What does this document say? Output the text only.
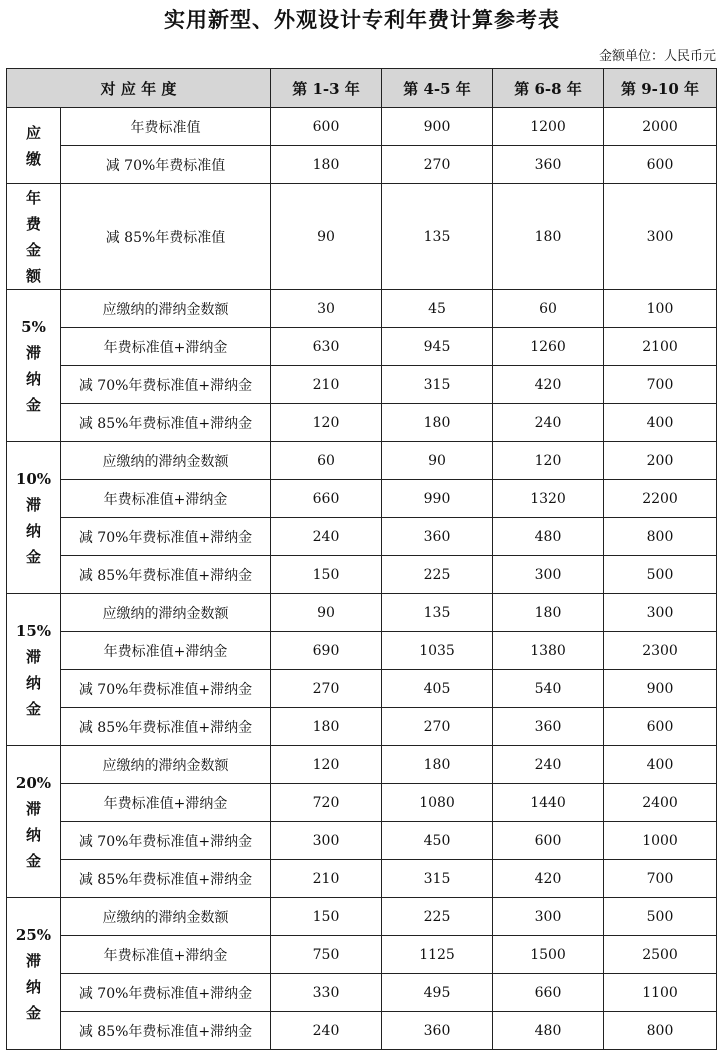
实用新型、外观设计专利年费计算参考表
金额单位：人民币元
对 应 年 度		第 1-3 年	第 4-5 年	第 6-8 年	第 9-10 年

应
缴	年费标准值	600	900	1200	2000
	减 70%年费标准值	180	270	360	600

年
费
金
额	减 85%年费标准值	90	135	180	300

5%
滞
纳
金	应缴纳的滞纳金数额	30	45	60	100
	年费标准值+滞纳金	630	945	1260	2100
	减 70%年费标准值+滞纳金	210	315	420	700
	减 85%年费标准值+滞纳金	120	180	240	400

10%
滞
纳
金	应缴纳的滞纳金数额	60	90	120	200
	年费标准值+滞纳金	660	990	1320	2200
	减 70%年费标准值+滞纳金	240	360	480	800
	减 85%年费标准值+滞纳金	150	225	300	500

15%
滞
纳
金	应缴纳的滞纳金数额	90	135	180	300
	年费标准值+滞纳金	690	1035	1380	2300
	减 70%年费标准值+滞纳金	270	405	540	900
	减 85%年费标准值+滞纳金	180	270	360	600

20%
滞
纳
金	应缴纳的滞纳金数额	120	180	240	400
	年费标准值+滞纳金	720	1080	1440	2400
	减 70%年费标准值+滞纳金	300	450	600	1000
	减 85%年费标准值+滞纳金	210	315	420	700

25%
滞
纳
金	应缴纳的滞纳金数额	150	225	300	500
	年费标准值+滞纳金	750	1125	1500	2500
	减 70%年费标准值+滞纳金	330	495	660	1100
	减 85%年费标准值+滞纳金	240	360	480	800
